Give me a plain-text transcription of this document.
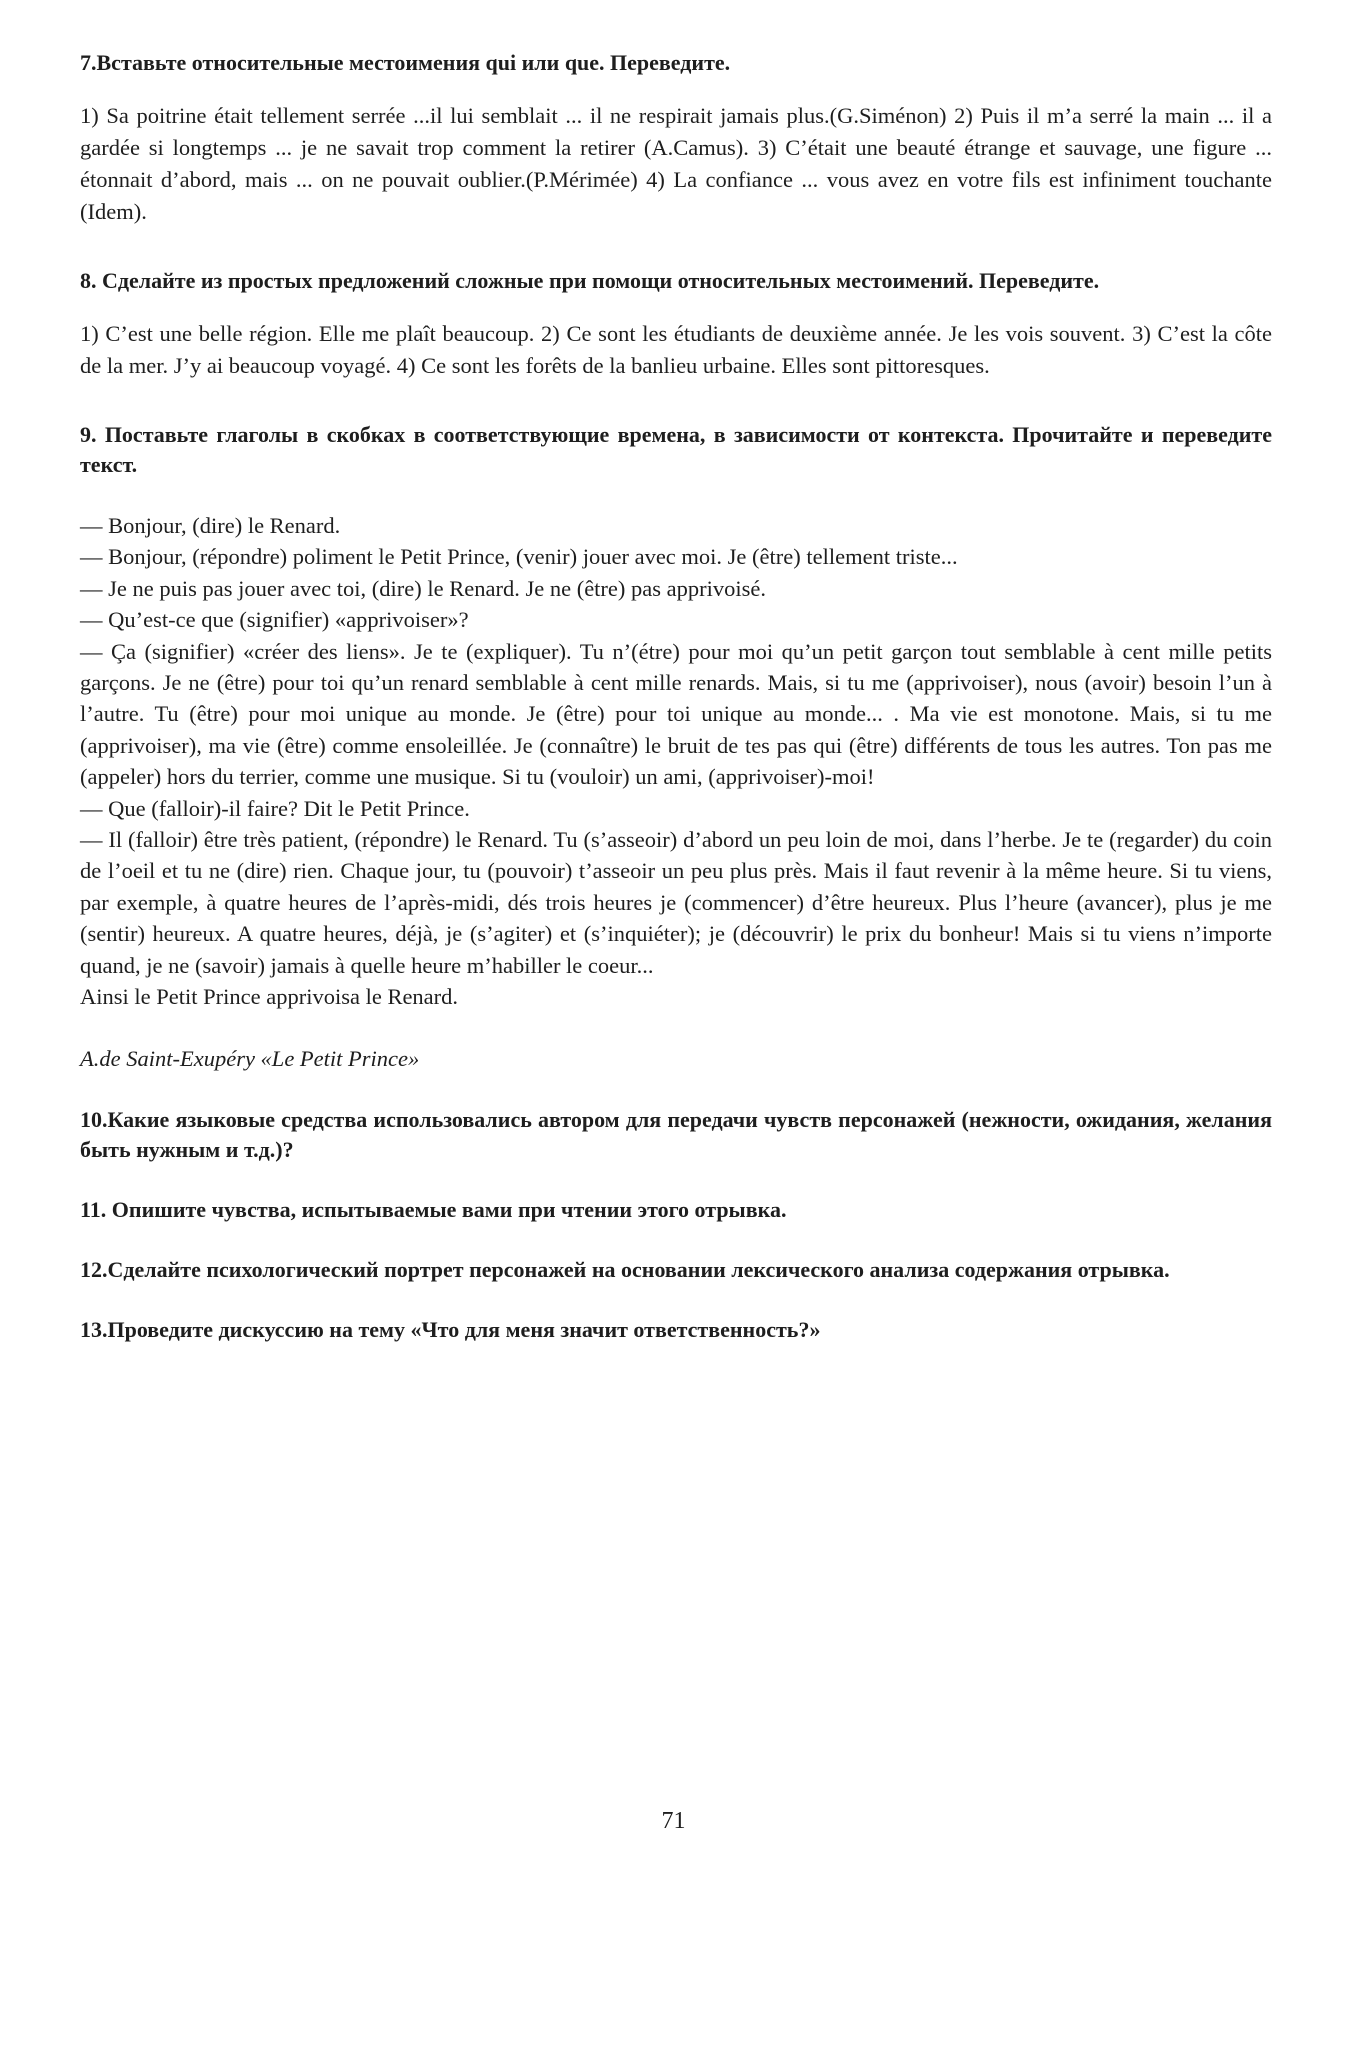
7.Вставьте относительные местоимения qui или que. Переведите.

1) Sa poitrine était tellement serrée ...il lui semblait ... il ne respirait jamais plus.(G.Siménon) 2) Puis il m’a serré la main ... il a gardée si longtemps ... je ne savait trop comment la retirer (A.Camus). 3) C’était une beauté étrange et sauvage, une figure ... étonnait d’abord, mais ... on ne pouvait oublier.(P.Mérimée) 4) La confiance ... vous avez en votre fils est infiniment touchante (Idem).

8. Сделайте из простых предложений сложные при помощи относительных местоимений. Переведите.

1) C’est une belle région. Elle me plaît beaucoup. 2) Ce sont les étudiants de deuxième année. Je les vois souvent. 3) C’est la côte de la mer. J’y ai beaucoup voyagé. 4) Ce sont les forêts de la banlieu urbaine. Elles sont pittoresques.

9. Поставьте глаголы в скобках в соответствующие времена, в зависимости от контекста. Прочитайте и переведите текст.

— Bonjour, (dire) le Renard.
— Bonjour, (répondre) poliment le Petit Prince, (venir) jouer avec moi. Je (être) tellement triste...
— Je ne puis pas jouer avec toi, (dire) le Renard. Je ne (être) pas apprivoisé.
— Qu’est-ce que (signifier) «apprivoiser»?
— Ça (signifier) «créer des liens». Je te (expliquer). Tu n’(étre) pour moi qu’un petit garçon tout semblable à cent mille petits garçons. Je ne (être) pour toi qu’un renard semblable à cent mille renards. Mais, si tu me (apprivoiser), nous (avoir) besoin l’un à l’autre. Tu (être) pour moi unique au monde. Je (être) pour toi unique au monde... . Ma vie est monotone. Mais, si tu me (apprivoiser), ma vie (être) comme ensoleillée. Je (connaître) le bruit de tes pas qui (être) différents de tous les autres. Ton pas me (appeler) hors du terrier, comme une musique. Si tu (vouloir) un ami, (apprivoiser)-moi!
— Que (falloir)-il faire? Dit le Petit Prince.
— Il (falloir) être très patient, (répondre) le Renard. Tu (s’asseoir) d’abord un peu loin de moi, dans l’herbe. Je te (regarder) du coin de l’oeil et tu ne (dire) rien. Chaque jour, tu (pouvoir) t’asseoir un peu plus près. Mais il faut revenir à la même heure. Si tu viens, par exemple, à quatre heures de l’après-midi, dés trois heures je (commencer) d’être heureux. Plus l’heure (avancer), plus je me (sentir) heureux. A quatre heures, déjà, je (s’agiter) et (s’inquiéter); je (découvrir) le prix du bonheur! Mais si tu viens n’importe quand, je ne (savoir) jamais à quelle heure m’habiller le coeur...
Ainsi le Petit Prince apprivoisa le Renard.

A.de Saint-Exupéry «Le Petit Prince»

10.Какие языковые средства использовались автором для передачи чувств персонажей (нежности, ожидания, желания быть нужным и т.д.)?

11. Опишите чувства, испытываемые вами при чтении этого отрывка.

12.Сделайте психологический портрет персонажей на основании лексического анализа содержания отрывка.

13.Проведите дискуссию на тему «Что для меня значит ответственность?»

71
